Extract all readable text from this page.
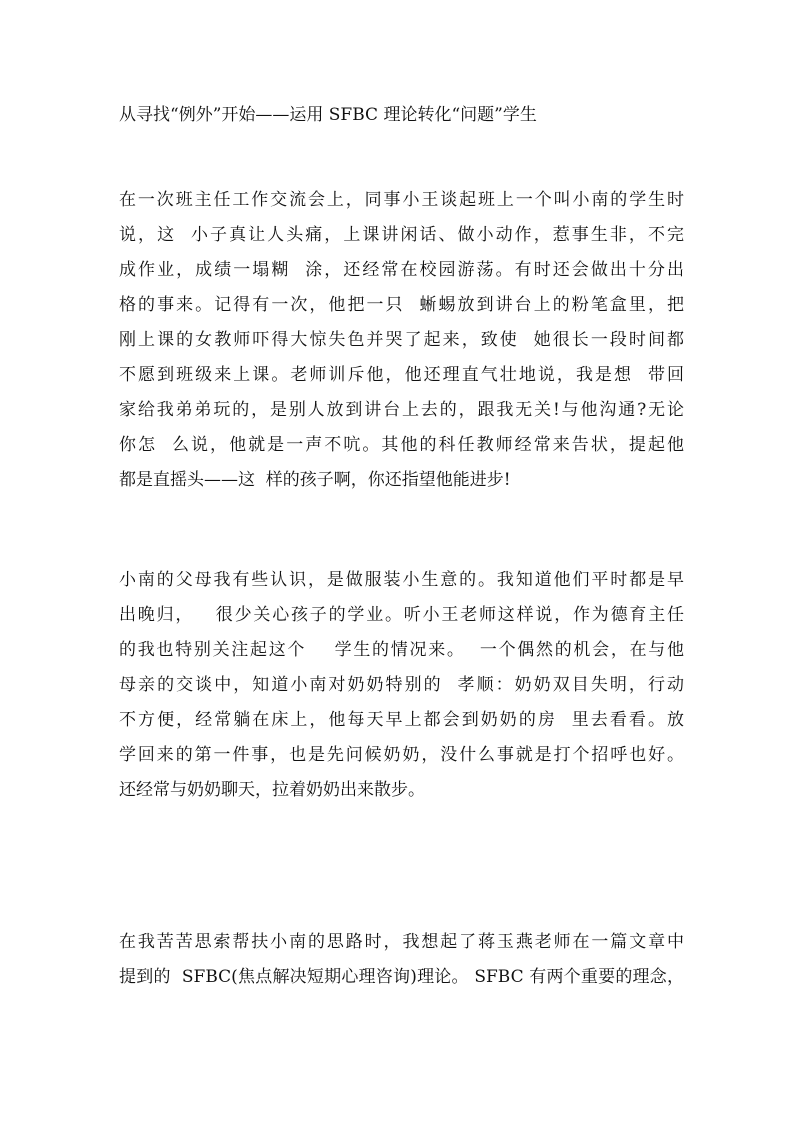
从寻找“例外”开始——运用 SFBC 理论转化“问题”学生
在一次班主任工作交流会上，同事小王谈起班上一个叫小南的学生时
说，这  小子真让人头痛，上课讲闲话、做小动作，惹事生非，不完
成作业，成绩一塌糊  涂，还经常在校园游荡。有时还会做出十分出
格的事来。记得有一次，他把一只  蜥蜴放到讲台上的粉笔盒里，把
刚上课的女教师吓得大惊失色并哭了起来，致使  她很长一段时间都
不愿到班级来上课。老师训斥他，他还理直气壮地说，我是想  带回
家给我弟弟玩的，是别人放到讲台上去的，跟我无关!与他沟通?无论
你怎  么说，他就是一声不吭。其他的科任教师经常来告状，提起他
都是直摇头——这  样的孩子啊，你还指望他能进步!
小南的父母我有些认识，是做服装小生意的。我知道他们平时都是早
出晚归，   很少关心孩子的学业。听小王老师这样说，作为德育主任
的我也特别关注起这个    学生的情况来。  一个偶然的机会，在与他
母亲的交谈中，知道小南对奶奶特别的  孝顺：奶奶双目失明，行动
不方便，经常躺在床上，他每天早上都会到奶奶的房  里去看看。放
学回来的第一件事，也是先问候奶奶，没什么事就是打个招呼也好。
还经常与奶奶聊天，拉着奶奶出来散步。
在我苦苦思索帮扶小南的思路时，我想起了蒋玉燕老师在一篇文章中
提到的  SFBC(焦点解决短期心理咨询)理论。 SFBC 有两个重要的理念，
